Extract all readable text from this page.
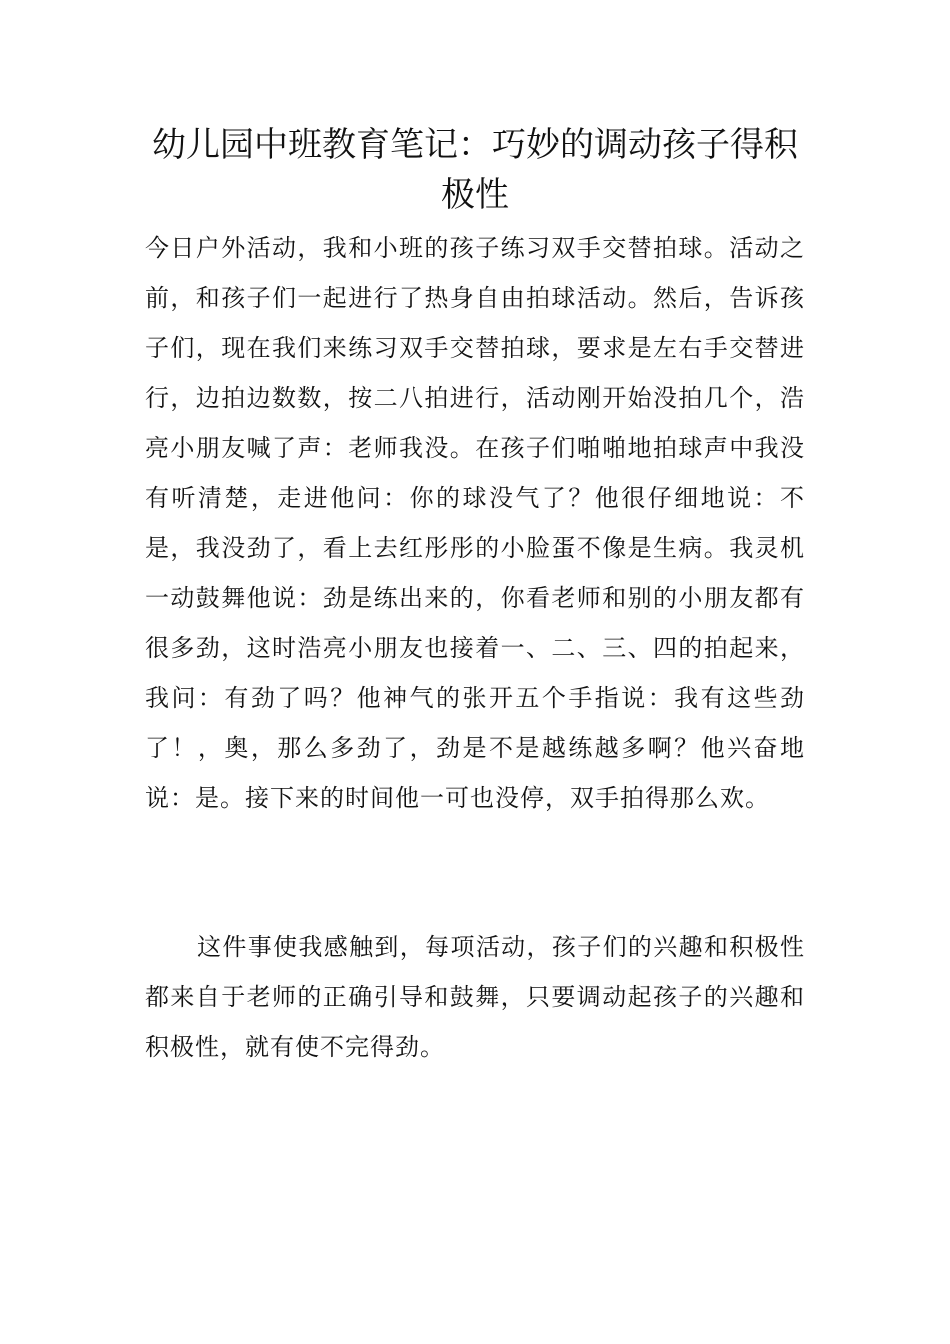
幼儿园中班教育笔记：巧妙的调动孩子得积极性

今日户外活动，我和小班的孩子练习双手交替拍球。活动之前，和孩子们一起进行了热身自由拍球活动。然后，告诉孩子们，现在我们来练习双手交替拍球，要求是左右手交替进行，边拍边数数，按二八拍进行，活动刚开始没拍几个，浩亮小朋友喊了声：老师我没。在孩子们啪啪地拍球声中我没有听清楚，走进他问：你的球没气了？他很仔细地说：不是，我没劲了，看上去红彤彤的小脸蛋不像是生病。我灵机一动鼓舞他说：劲是练出来的，你看老师和别的小朋友都有很多劲，这时浩亮小朋友也接着一、二、三、四的拍起来，我问：有劲了吗？他神气的张开五个手指说：我有这些劲了！，奥，那么多劲了，劲是不是越练越多啊？他兴奋地说：是。接下来的时间他一可也没停，双手拍得那么欢。

这件事使我感触到，每项活动，孩子们的兴趣和积极性都来自于老师的正确引导和鼓舞，只要调动起孩子的兴趣和积极性，就有使不完得劲。
